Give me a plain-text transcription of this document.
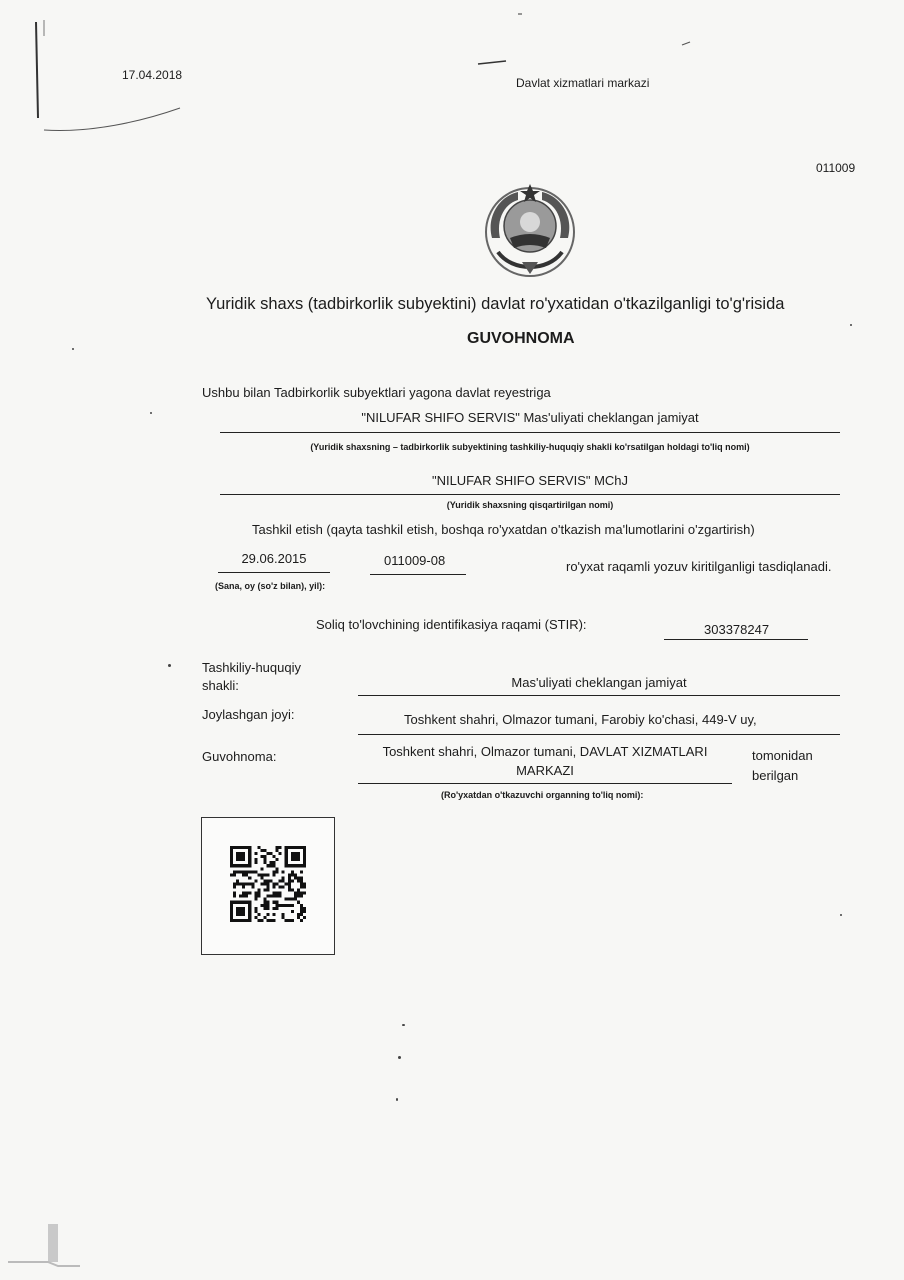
17.04.2018
Davlat xizmatlari markazi
011009
Yuridik shaxs (tadbirkorlik subyektini) davlat ro'yxatidan o'tkazilganligi to'g'risida
GUVOHNOMA
Ushbu bilan Tadbirkorlik subyektlari yagona davlat reyestriga
"NILUFAR SHIFO SERVIS" Mas'uliyati cheklangan jamiyat
(Yuridik shaxsning – tadbirkorlik subyektining tashkiliy-huquqiy shakli ko'rsatilgan holdagi to'liq nomi)
"NILUFAR SHIFO SERVIS" MChJ
(Yuridik shaxsning qisqartirilgan nomi)
Tashkil etish (qayta tashkil etish, boshqa ro'yxatdan o'tkazish ma'lumotlarini o'zgartirish)
29.06.2015	011009-08	ro'yxat raqamli yozuv kiritilganligi tasdiqlanadi.
(Sana, oy (so'z bilan), yil):
Soliq to'lovchining identifikasiya raqami (STIR):	303378247
Tashkiliy-huquqiy
shakli:	Mas'uliyati cheklangan jamiyat
Joylashgan joyi:	Toshkent shahri, Olmazor tumani, Farobiy ko'chasi, 449-V uy,
Guvohnoma:	Toshkent shahri, Olmazor tumani, DAVLAT XIZMATLARI
MARKAZI
tomonidan
berilgan
(Ro'yxatdan o'tkazuvchi organning to'liq nomi):
